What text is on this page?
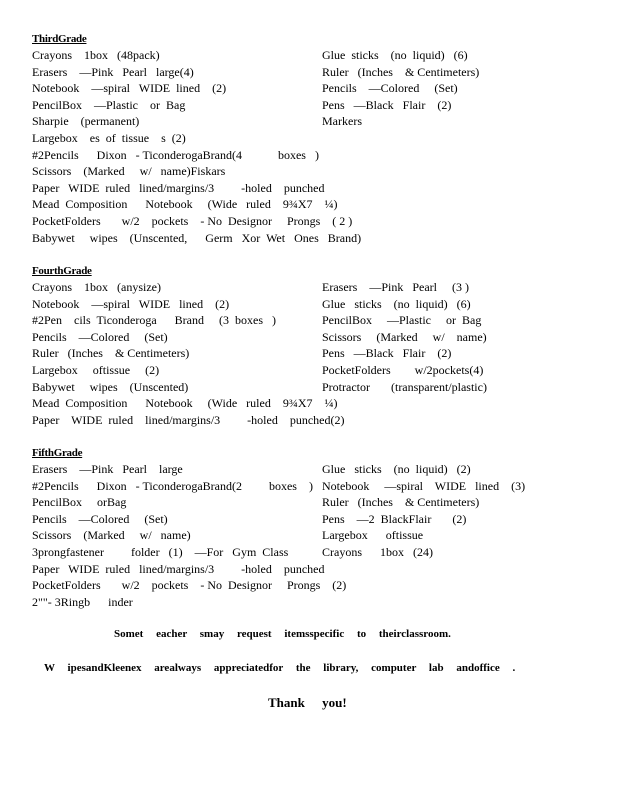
ThirdGrade
Crayons    1box   (48pack)	Glue  sticks    (no  liquid)   (6)
Erasers    —Pink   Pearl   large(4)	Ruler   (Inches    & Centimeters)
Notebook    —spiral   WIDE  lined    (2)	Pencils    —Colored     (Set)
PencilBox    —Plastic    or  Bag	Pens   —Black   Flair    (2)
Sharpie    (permanent)	Markers
Largebox    es  of  tissue    s  (2)
#2Pencils      Dixon   - TiconderogaBrand(4            boxes   )
Scissors    (Marked     w/   name)Fiskars
Paper   WIDE  ruled   lined/margins/3         -holed    punched
Mead  Composition      Notebook     (Wide   ruled    9¾X7    ¼)
PocketFolders       w/2    pockets    - No  Designor     Prongs    ( 2 )
Babywet     wipes    (Unscented,      Germ   Xor  Wet   Ones   Brand)
FourthGrade
Crayons    1box   (anysize)	Erasers    —Pink   Pearl     (3 )
Notebook    —spiral   WIDE   lined    (2)	Glue   sticks    (no  liquid)   (6)
#2Pen    cils  Ticonderoga      Brand     (3  boxes   )	PencilBox     —Plastic     or  Bag
Pencils    —Colored     (Set)	Scissors     (Marked     w/    name)
Ruler   (Inches    & Centimeters)	Pens   —Black   Flair    (2)
Largebox     oftissue     (2)	PocketFolders        w/2pockets(4)
Babywet     wipes    (Unscented)	Protractor       (transparent/plastic)
Mead  Composition      Notebook     (Wide   ruled    9¾X7    ¼)
Paper    WIDE  ruled    lined/margins/3         -holed    punched(2)
FifthGrade
Erasers    —Pink   Pearl    large	Glue   sticks    (no  liquid)   (2)
#2Pencils      Dixon   - TiconderogaBrand(2         boxes    ) Notebook     —spiral    WIDE   lined    (3)
PencilBox     orBag	Ruler   (Inches    & Centimeters)
Pencils    —Colored     (Set)	Pens    —2  BlackFlair       (2)
Scissors    (Marked     w/   name)	Largebox      oftissue
3prongfastener         folder   (1)    —For   Gym  Class	Crayons      1box   (24)
Paper   WIDE  ruled   lined/margins/3         -holed    punched
PocketFolders       w/2    pockets    - No  Designor     Prongs    (2)
2""- 3Ringb      inder
Somet eacher smay request itemsspecific to theirclassroom.
W ipesandKleenex arealways appreciatedfor the library, computer lab andoffice .
Thank you!
